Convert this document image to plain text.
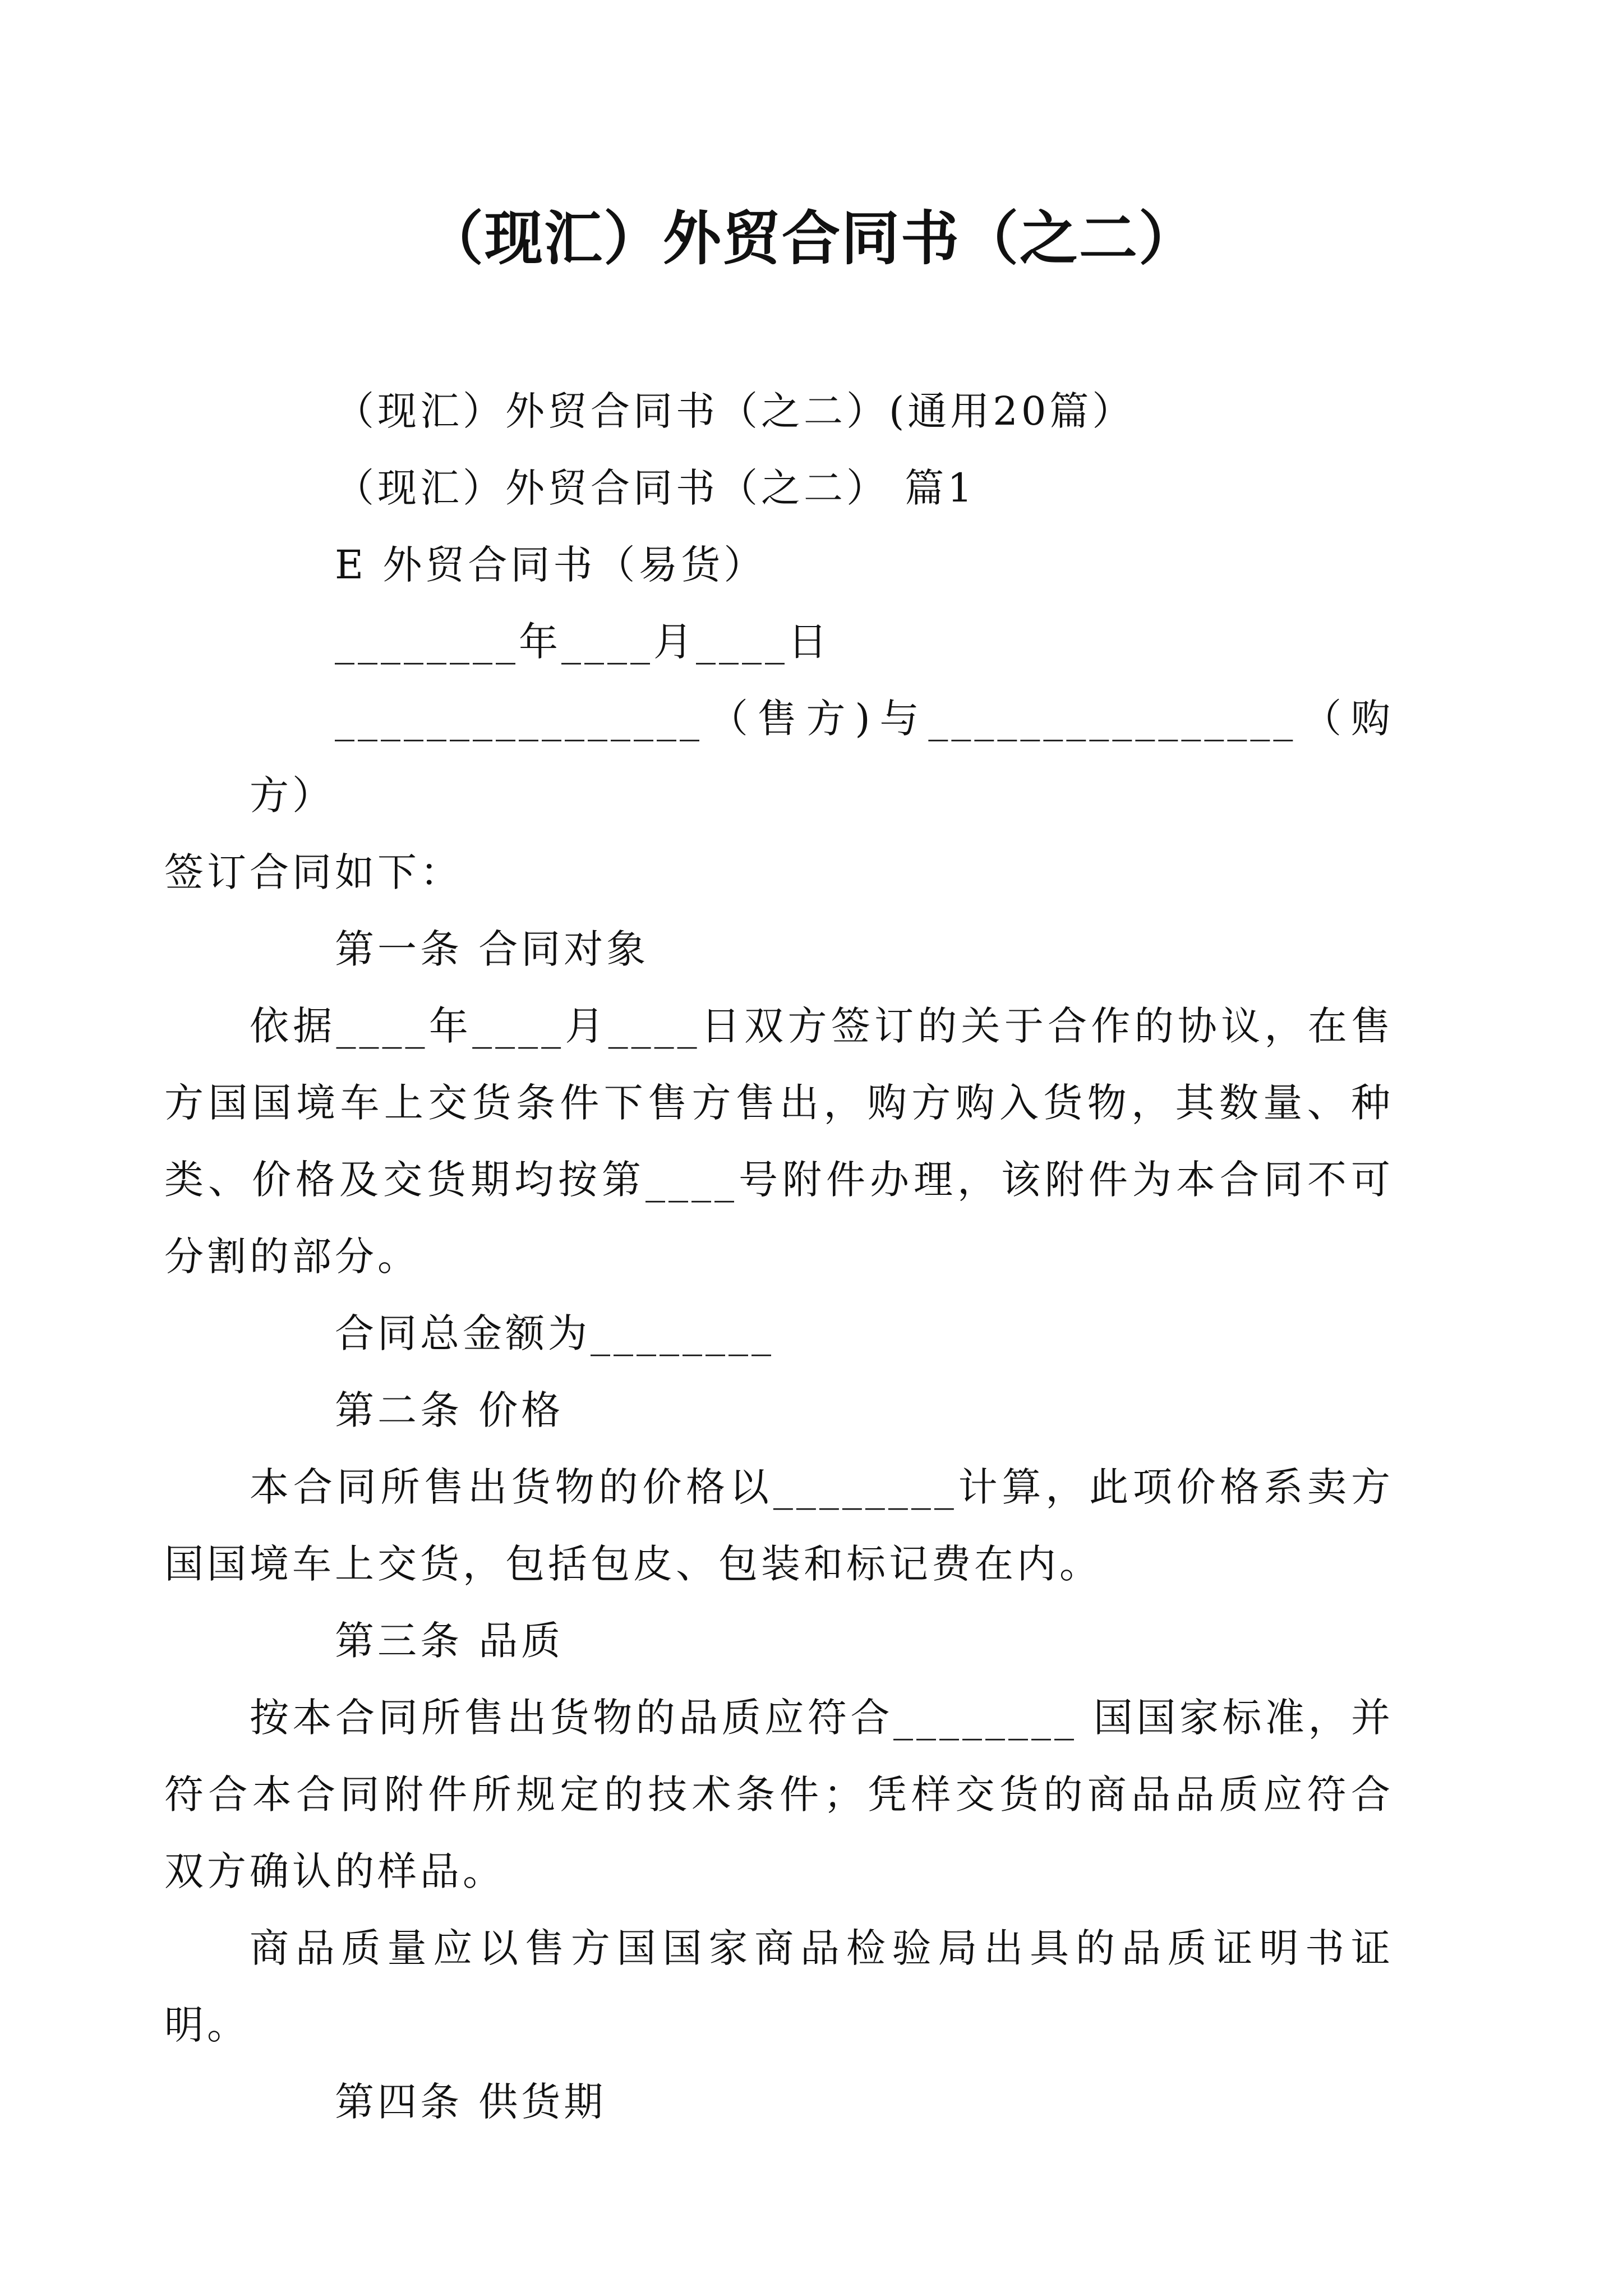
（现汇）外贸合同书（之二）

（现汇）外贸合同书（之二）(通用20篇）

（现汇）外贸合同书（之二） 篇1

E 外贸合同书（易货）

________年____月____日

________________（售方)与________________（购方）

签订合同如下：

第一条 合同对象

依据____年____月____日双方签订的关于合作的协议，在售方国国境车上交货条件下售方售出，购方购入货物，其数量、种类、价格及交货期均按第____号附件办理，该附件为本合同不可分割的部分。

合同总金额为________

第二条 价格

本合同所售出货物的价格以________计算，此项价格系卖方国国境车上交货，包括包皮、包装和标记费在内。

第三条 品质

按本合同所售出货物的品质应符合________ 国国家标准，并符合本合同附件所规定的技术条件；凭样交货的商品品质应符合双方确认的样品。

商品质量应以售方国国家商品检验局出具的品质证明书证明。

第四条 供货期
